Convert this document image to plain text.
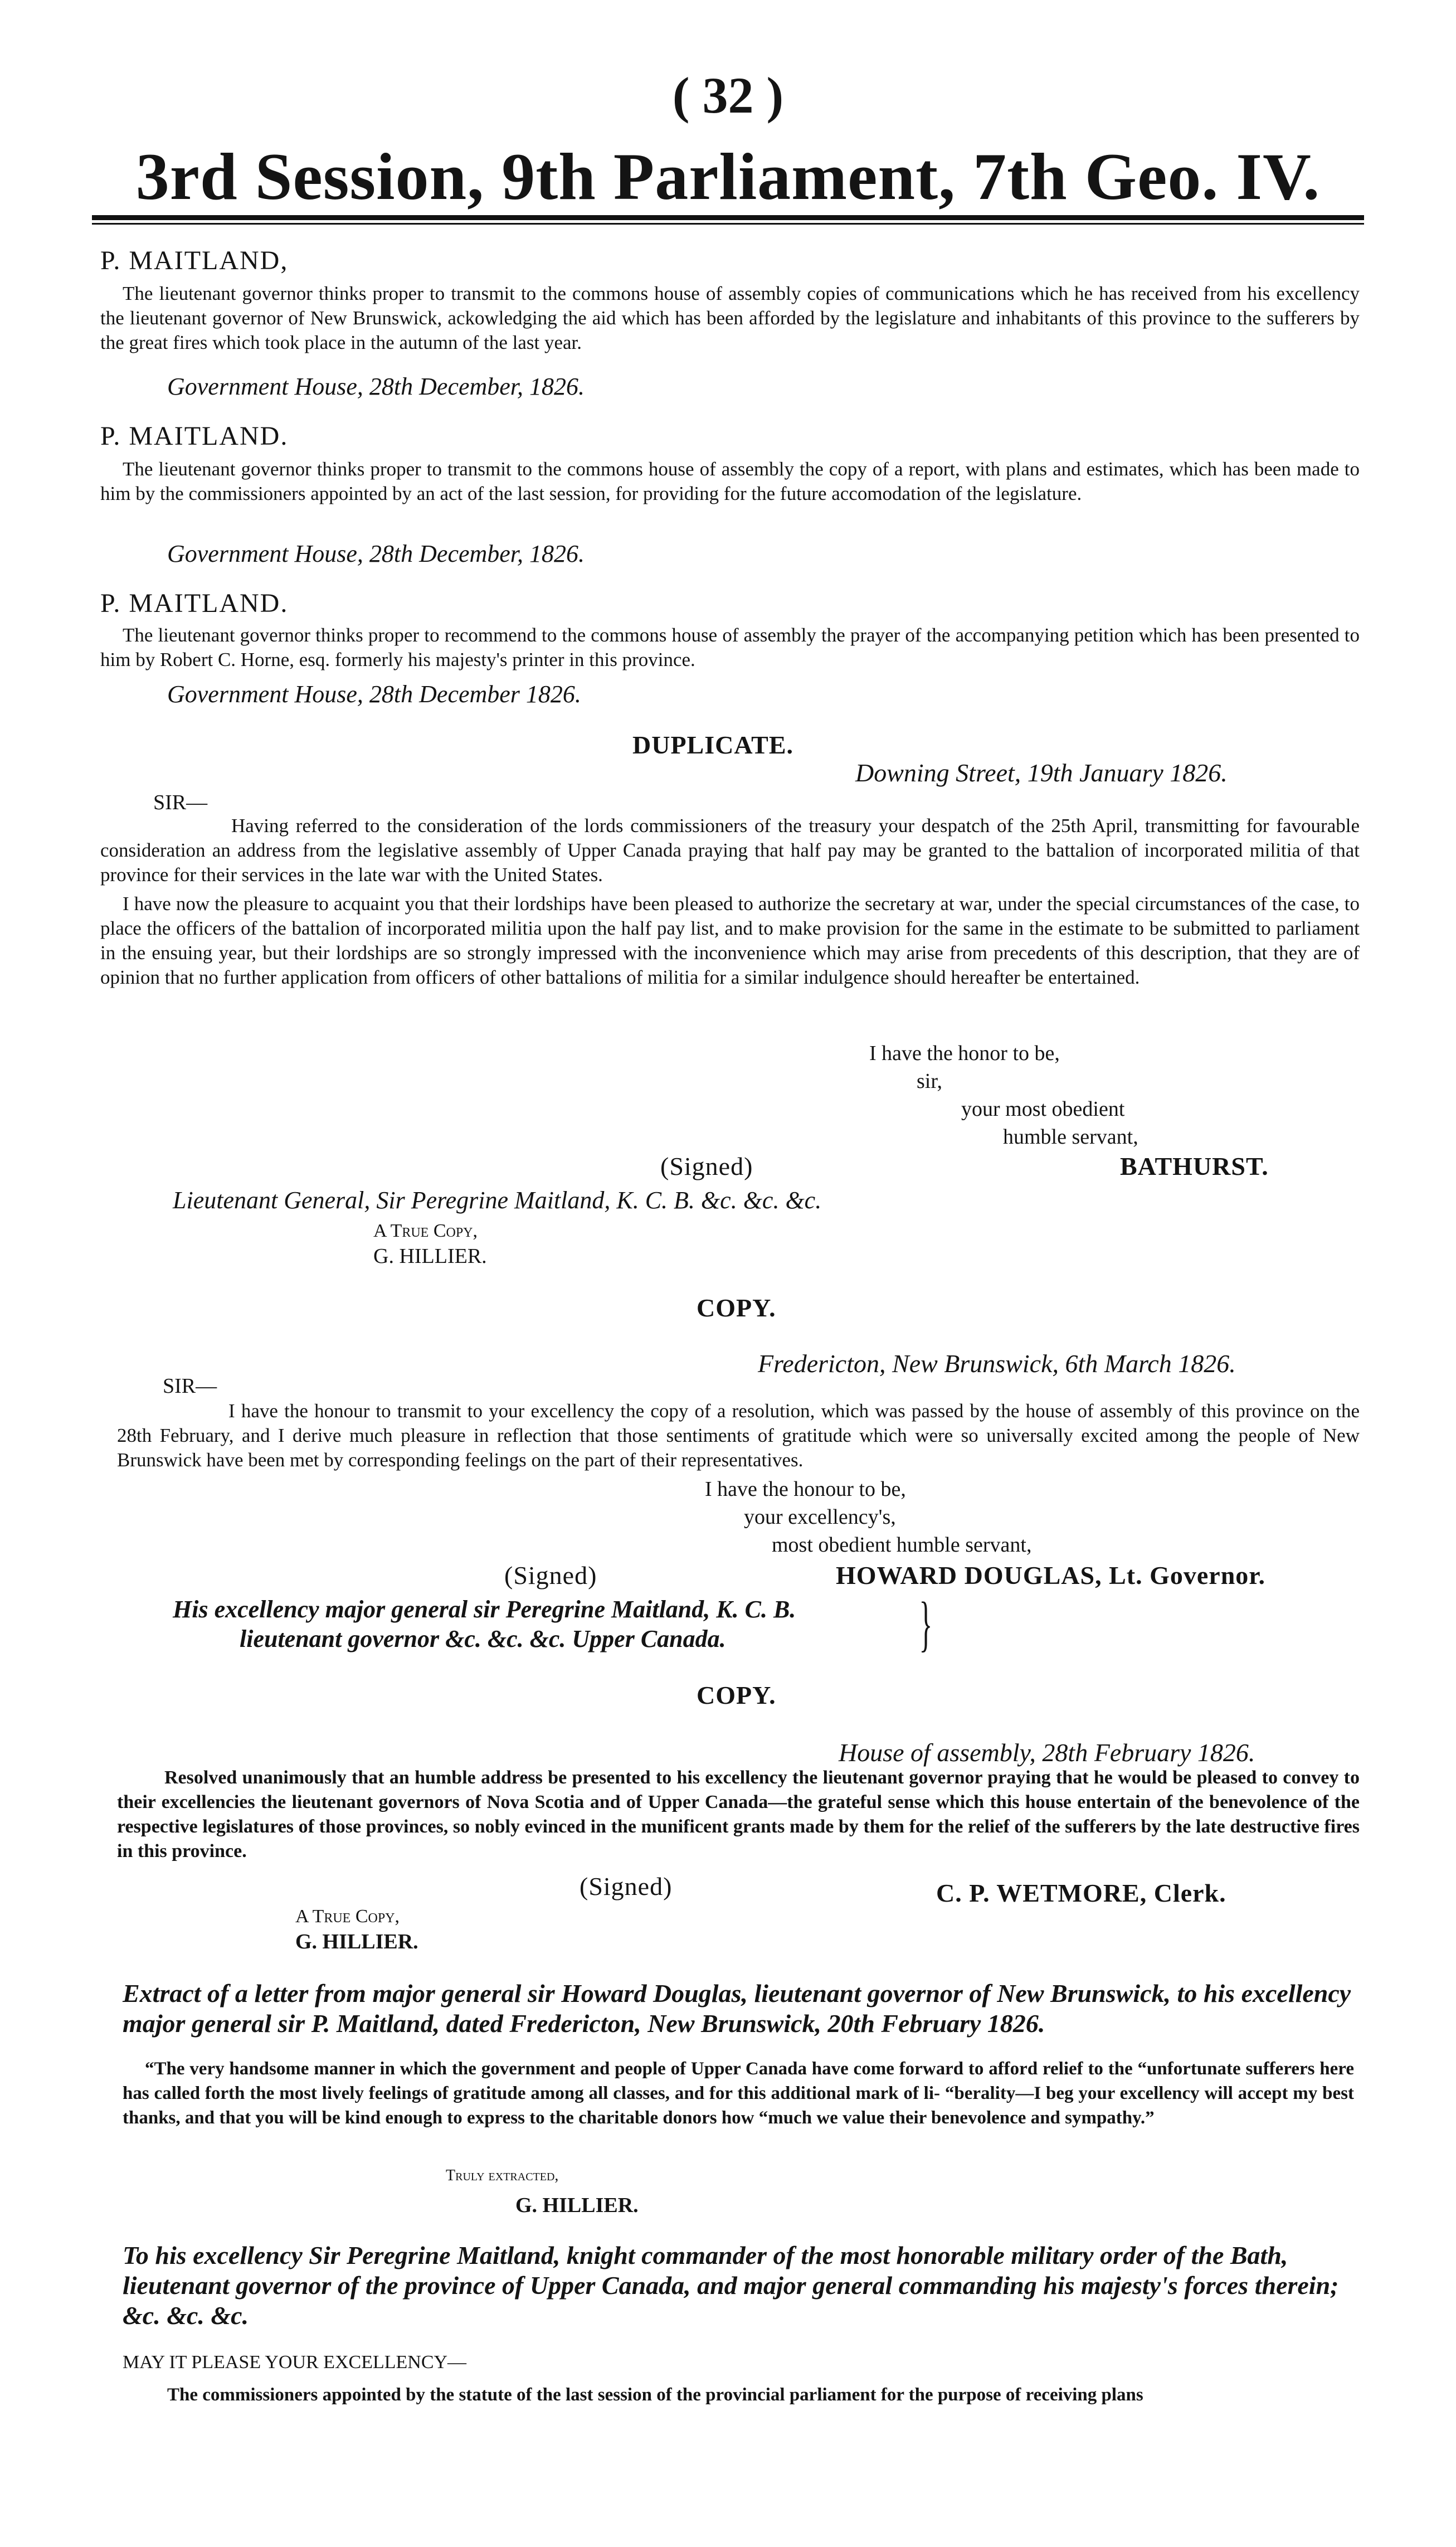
( 32 )
3rd Session, 9th Parliament, 7th Geo. IV.
P. MAITLAND,
The lieutenant governor thinks proper to transmit to the commons house of assembly copies of communications which he has received from his excellency the lieutenant governor of New Brunswick, ackowledging the aid which has been afforded by the legislature and inhabitants of this province to the sufferers by the great fires which took place in the autumn of the last year.
Government House, 28th December, 1826.
P. MAITLAND.
The lieutenant governor thinks proper to transmit to the commons house of assembly the copy of a report, with plans and estimates, which has been made to him by the commissioners appointed by an act of the last session, for providing for the future accomodation of the legislature.
Government House, 28th December, 1826.
P. MAITLAND.
The lieutenant governor thinks proper to recommend to the commons house of assembly the prayer of the accompanying petition which has been presented to him by Robert C. Horne, esq. formerly his majesty's printer in this province.
Government House, 28th December 1826.
DUPLICATE.
Downing Street, 19th January 1826.
SIR—
Having referred to the consideration of the lords commissioners of the treasury your despatch of the 25th April, transmitting for favourable consideration an address from the legislative assembly of Upper Canada praying that half pay may be granted to the battalion of incorporated militia of that province for their services in the late war with the United States.
I have now the pleasure to acquaint you that their lordships have been pleased to authorize the secretary at war, under the special circumstances of the case, to place the officers of the battalion of incorporated militia upon the half pay list, and to make provision for the same in the estimate to be submitted to parliament in the ensuing year, but their lordships are so strongly impressed with the inconvenience which may arise from precedents of this description, that they are of opinion that no further application from officers of other battalions of militia for a similar indulgence should hereafter be entertained.
I have the honor to be,
sir,
your most obedient
humble servant,
(Signed)	BATHURST.
Lieutenant General, Sir Peregrine Maitland, K. C. B. &c. &c. &c.
A True Copy,
G. HILLIER.
COPY.
Fredericton, New Brunswick, 6th March 1826.
SIR—
I have the honour to transmit to your excellency the copy of a resolution, which was passed by the house of assembly of this province on the 28th February, and I derive much pleasure in reflection that those sentiments of gratitude which were so universally excited among the people of New Brunswick have been met by corresponding feelings on the part of their representatives.
I have the honour to be,
your excellency's,
most obedient humble servant,
(Signed)	HOWARD DOUGLAS, Lt. Governor.
His excellency major general sir Peregrine Maitland, K. C. B.
lieutenant governor &c. &c. &c. Upper Canada.	}
COPY.
House of assembly, 28th February 1826.
Resolved unanimously that an humble address be presented to his excellency the lieutenant governor praying that he would be pleased to convey to their excellencies the lieutenant governors of Nova Scotia and of Upper Canada—the grateful sense which this house entertain of the benevolence of the respective legislatures of those provinces, so nobly evinced in the munificent grants made by them for the relief of the sufferers by the late destructive fires in this province.
(Signed)	C. P. WETMORE, Clerk.
A True Copy,
G. HILLIER.
Extract of a letter from major general sir Howard Douglas, lieutenant governor of New Brunswick, to his excellency major general sir P. Maitland, dated Fredericton, New Brunswick, 20th February 1826.
“The very handsome manner in which the government and people of Upper Canada have come forward to afford relief to the “unfortunate sufferers here has called forth the most lively feelings of gratitude among all classes, and for this additional mark of li- “berality—I beg your excellency will accept my best thanks, and that you will be kind enough to express to the charitable donors how “much we value their benevolence and sympathy.”
Truly extracted,
G. HILLIER.
To his excellency Sir Peregrine Maitland, knight commander of the most honorable military order of the Bath, lieutenant governor of the province of Upper Canada, and major general commanding his majesty's forces therein; &c. &c. &c.
MAY IT PLEASE YOUR EXCELLENCY—
The commissioners appointed by the statute of the last session of the provincial parliament for the purpose of receiving plans
